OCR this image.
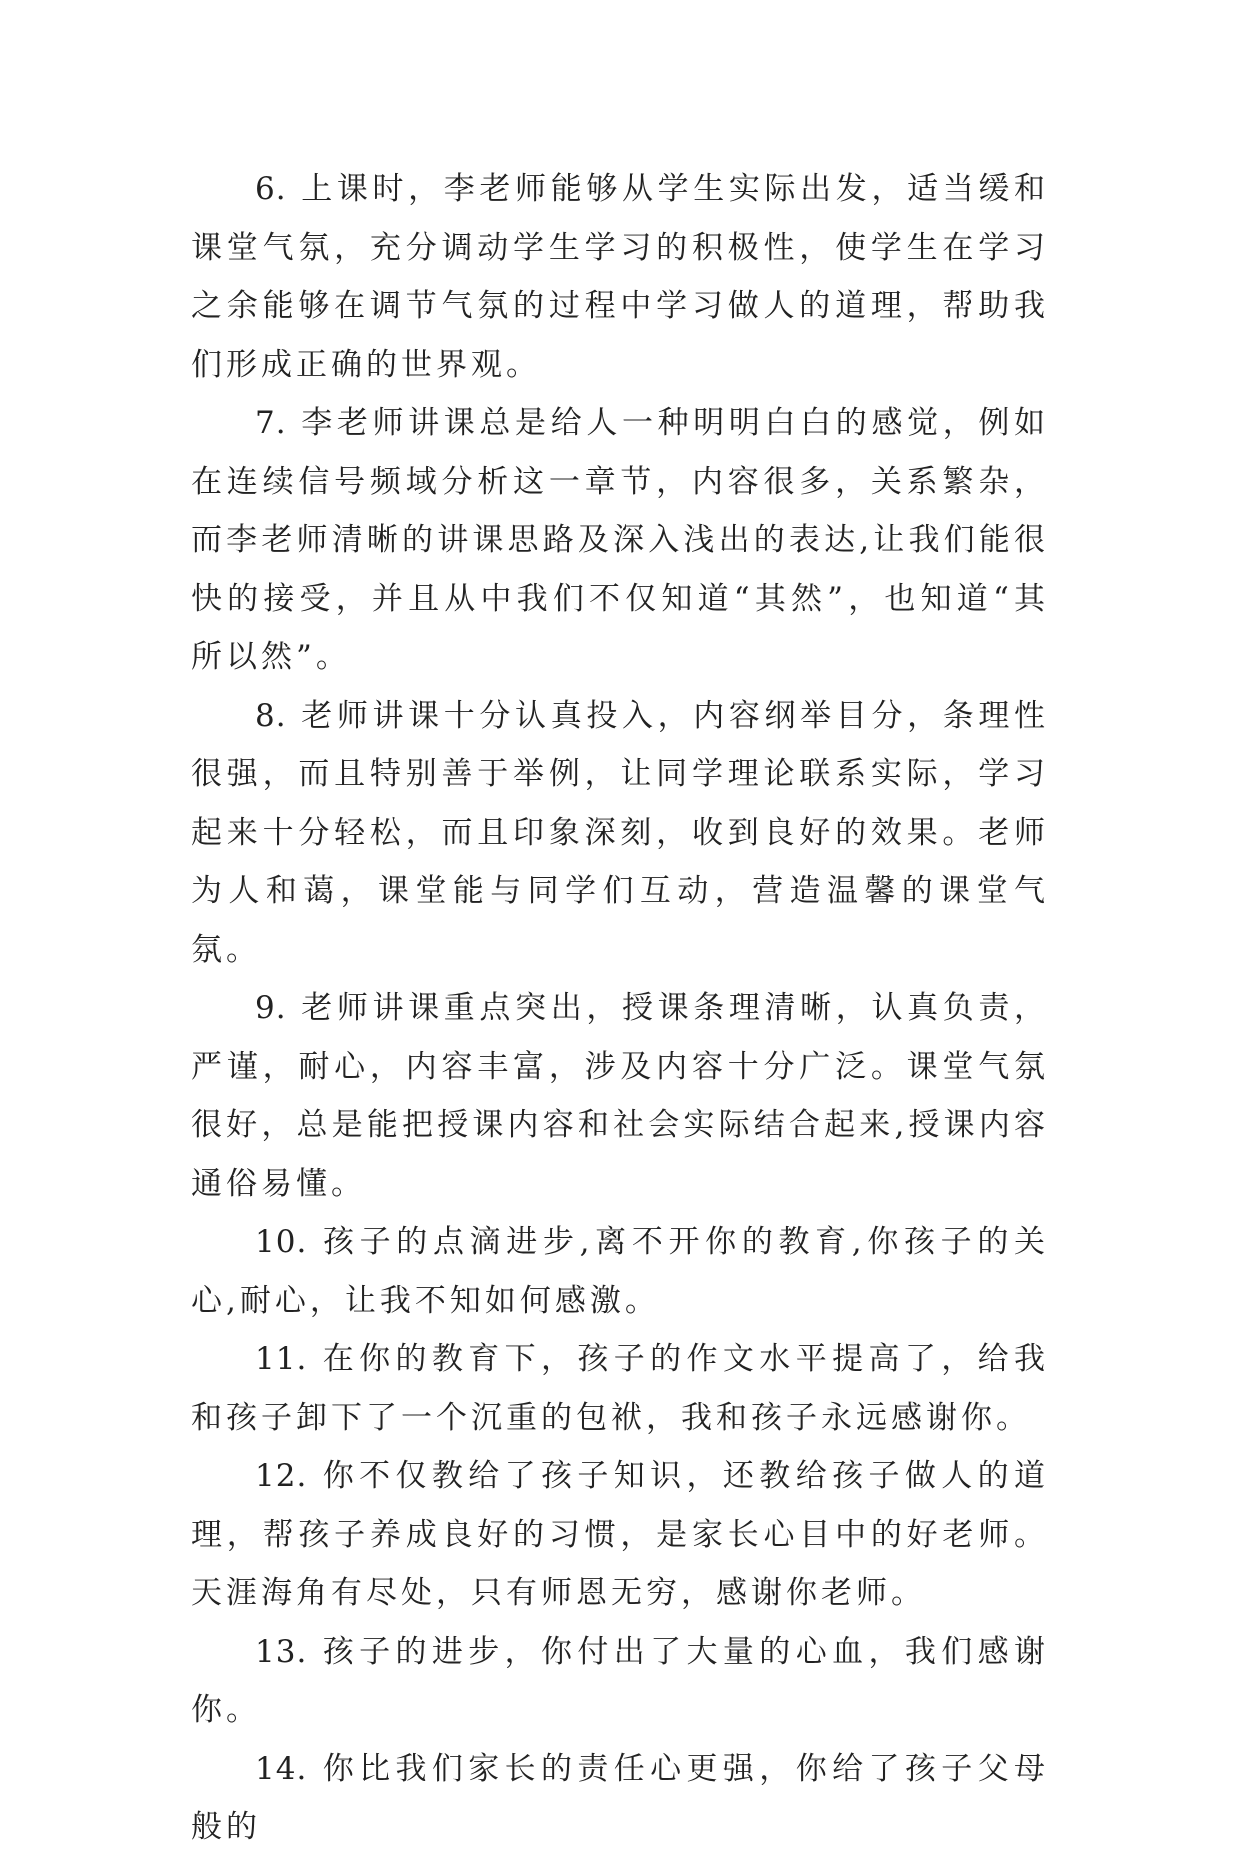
6. 上课时，李老师能够从学生实际出发，适当缓和课堂气氛，充分调动学生学习的积极性，使学生在学习之余能够在调节气氛的过程中学习做人的道理，帮助我们形成正确的世界观。

7. 李老师讲课总是给人一种明明白白的感觉，例如在连续信号频域分析这一章节，内容很多，关系繁杂，而李老师清晰的讲课思路及深入浅出的表达,让我们能很快的接受，并且从中我们不仅知道“其然”，也知道“其所以然”。

8. 老师讲课十分认真投入，内容纲举目分，条理性很强，而且特别善于举例，让同学理论联系实际，学习起来十分轻松，而且印象深刻，收到良好的效果。老师为人和蔼，课堂能与同学们互动，营造温馨的课堂气氛。

9. 老师讲课重点突出，授课条理清晰，认真负责，严谨，耐心，内容丰富，涉及内容十分广泛。课堂气氛很好，总是能把授课内容和社会实际结合起来,授课内容通俗易懂。

10. 孩子的点滴进步,离不开你的教育,你孩子的关心,耐心，让我不知如何感激。

11. 在你的教育下，孩子的作文水平提高了，给我和孩子卸下了一个沉重的包袱，我和孩子永远感谢你。

12. 你不仅教给了孩子知识，还教给孩子做人的道理，帮孩子养成良好的习惯，是家长心目中的好老师。天涯海角有尽处，只有师恩无穷，感谢你老师。

13. 孩子的进步，你付出了大量的心血，我们感谢你。

14. 你比我们家长的责任心更强，你给了孩子父母般的
